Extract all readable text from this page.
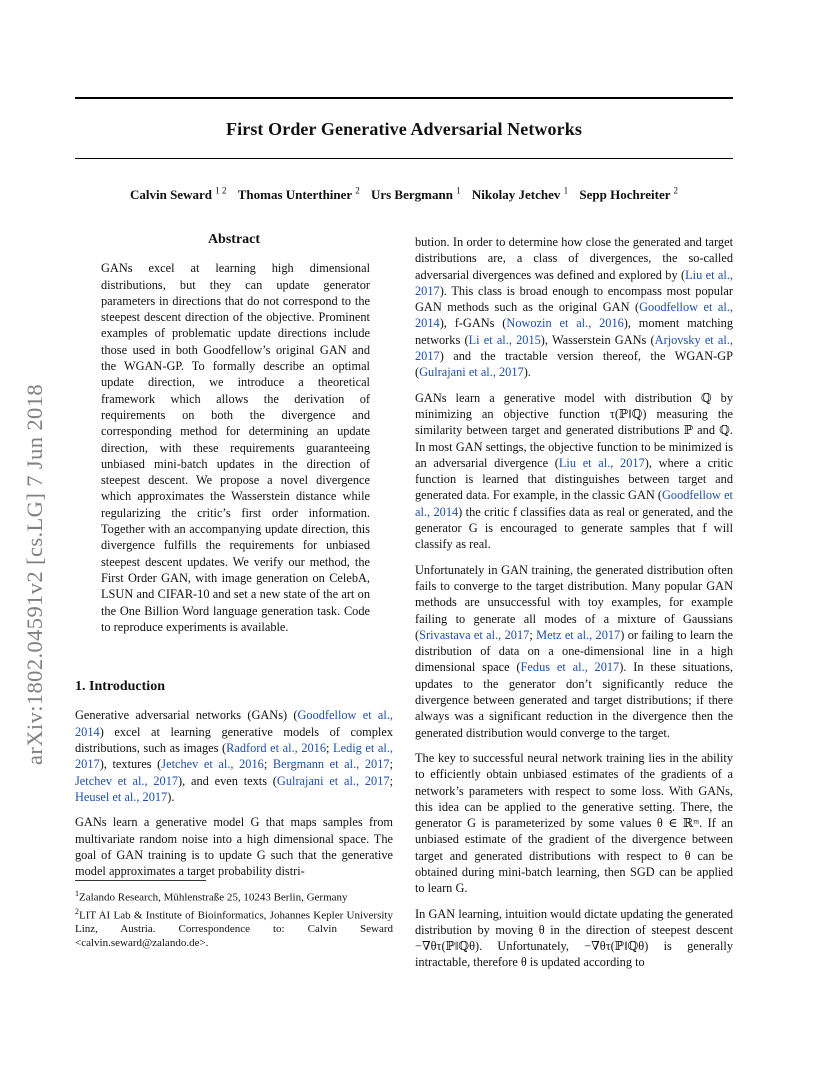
First Order Generative Adversarial Networks
Calvin Seward $^{1 2}$ Thomas Unterthiner $^2$ Urs Bergmann $^1$ Nikolay Jetchev $^1$ Sepp Hochreiter $^2$
arXiv:1802.04591v2 [cs.LG] 7 Jun 2018
Abstract
GANs excel at learning high dimensional distributions, but they can update generator parameters in directions that do not correspond to the steepest descent direction of the objective. Prominent examples of problematic update directions include those used in both Goodfellow’s original GAN and the WGAN-GP. To formally describe an optimal update direction, we introduce a theoretical framework which allows the derivation of requirements on both the divergence and corresponding method for determining an update direction, with these requirements guaranteeing unbiased mini-batch updates in the direction of steepest descent. We propose a novel divergence which approximates the Wasserstein distance while regularizing the critic’s first order information. Together with an accompanying update direction, this divergence fulfills the requirements for unbiased steepest descent updates. We verify our method, the First Order GAN, with image generation on CelebA, LSUN and CIFAR-10 and set a new state of the art on the One Billion Word language generation task. Code to reproduce experiments is available.
1. Introduction

Generative adversarial networks (GANs) (Goodfellow et al., 2014) excel at learning generative models of complex distributions, such as images (Radford et al., 2016; Ledig et al., 2017), textures (Jetchev et al., 2016; Bergmann et al., 2017; Jetchev et al., 2017), and even texts (Gulrajani et al., 2017; Heusel et al., 2017).

GANs learn a generative model G that maps samples from multivariate random noise into a high dimensional space. The goal of GAN training is to update G such that the generative model approximates a target probability distri-

$^1$Zalando Research, Mühlenstraße 25, 10243 Berlin, Germany
$^2$LIT AI Lab & Institute of Bioinformatics, Johannes Kepler University Linz, Austria. Correspondence to: Calvin Seward <calvin.seward@zalando.de>.

bution. In order to determine how close the generated and target distributions are, a class of divergences, the so-called adversarial divergences was defined and explored by (Liu et al., 2017). This class is broad enough to encompass most popular GAN methods such as the original GAN (Goodfellow et al., 2014), f-GANs (Nowozin et al., 2016), moment matching networks (Li et al., 2015), Wasserstein GANs (Arjovsky et al., 2017) and the tractable version thereof, the WGAN-GP (Gulrajani et al., 2017).

GANs learn a generative model with distribution ℚ by minimizing an objective function τ(ℙ‖ℚ) measuring the similarity between target and generated distributions ℙ and ℚ. In most GAN settings, the objective function to be minimized is an adversarial divergence (Liu et al., 2017), where a critic function is learned that distinguishes between target and generated data. For example, in the classic GAN (Goodfellow et al., 2014) the critic f classifies data as real or generated, and the generator G is encouraged to generate samples that f will classify as real.

Unfortunately in GAN training, the generated distribution often fails to converge to the target distribution. Many popular GAN methods are unsuccessful with toy examples, for example failing to generate all modes of a mixture of Gaussians (Srivastava et al., 2017; Metz et al., 2017) or failing to learn the distribution of data on a one-dimensional line in a high dimensional space (Fedus et al., 2017). In these situations, updates to the generator don’t significantly reduce the divergence between generated and target distributions; if there always was a significant reduction in the divergence then the generated distribution would converge to the target.

The key to successful neural network training lies in the ability to efficiently obtain unbiased estimates of the gradients of a network’s parameters with respect to some loss. With GANs, this idea can be applied to the generative setting. There, the generator G is parameterized by some values θ ∈ ℝᵐ. If an unbiased estimate of the gradient of the divergence between target and generated distributions with respect to θ can be obtained during mini-batch learning, then SGD can be applied to learn G.

In GAN learning, intuition would dictate updating the generated distribution by moving θ in the direction of steepest descent −∇θτ(ℙ‖ℚθ). Unfortunately, −∇θτ(ℙ‖ℚθ) is generally intractable, therefore θ is updated according to
